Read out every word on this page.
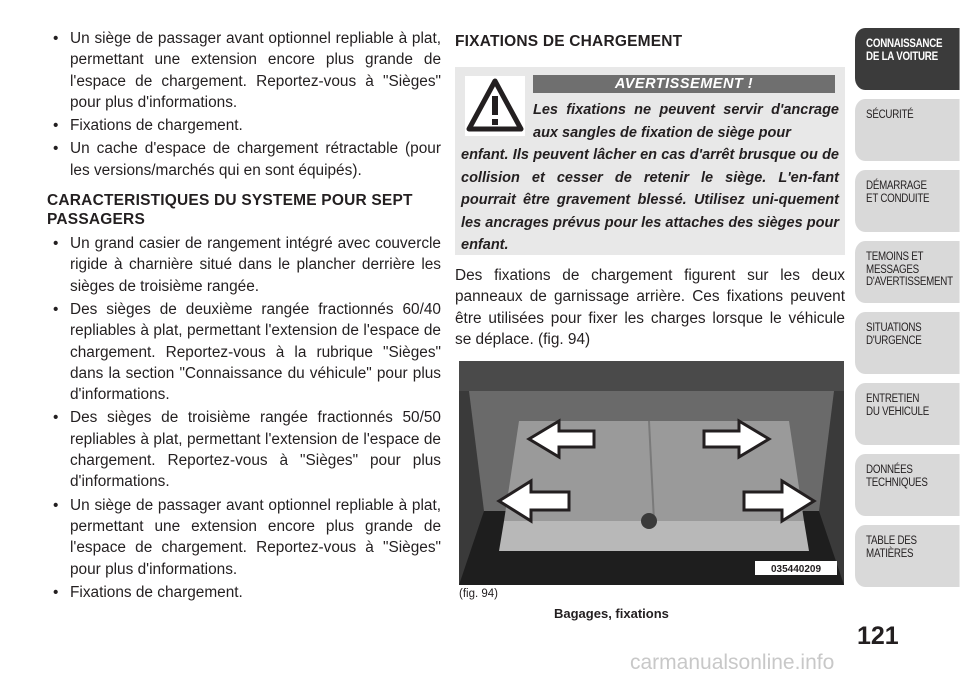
• Un siège de passager avant optionnel repliable à plat, permettant une extension encore plus grande de l'espace de chargement. Reportez-vous à "Sièges" pour plus d'informations.
• Fixations de chargement.
• Un cache d'espace de chargement rétractable (pour les versions/marchés qui en sont équipés).
CARACTERISTIQUES DU SYSTEME POUR SEPT PASSAGERS
• Un grand casier de rangement intégré avec couvercle rigide à charnière situé dans le plancher derrière les sièges de troisième rangée.
• Des sièges de deuxième rangée fractionnés 60/40 repliables à plat, permettant l'extension de l'espace de chargement. Reportez-vous à la rubrique "Sièges" dans la section "Connaissance du véhicule" pour plus d'informations.
• Des sièges de troisième rangée fractionnés 50/50 repliables à plat, permettant l'extension de l'espace de chargement. Reportez-vous à "Sièges" pour plus d'informations.
• Un siège de passager avant optionnel repliable à plat, permettant une extension encore plus grande de l'espace de chargement. Reportez-vous à "Sièges" pour plus d'informations.
• Fixations de chargement.
FIXATIONS DE CHARGEMENT
AVERTISSEMENT !
Les fixations ne peuvent servir d'ancrage aux sangles de fixation de siège pour
enfant. Ils peuvent lâcher en cas d'arrêt brusque ou de collision et cesser de retenir le siège. L'en-fant pourrait être gravement blessé. Utilisez uni-quement les ancrages prévus pour les attaches des sièges pour enfant.

Des fixations de chargement figurent sur les deux panneaux de garnissage arrière. Ces fixations peuvent être utilisées pour fixer les charges lorsque le véhicule se déplace. (fig. 94)

035440209
(fig. 94)
Bagages, fixations
CONNAISSANCE
DE LA VOITURE
SÉCURITÉ
DÉMARRAGE
ET CONDUITE
TEMOINS ET
MESSAGES
D'AVERTISSEMENT
SITUATIONS
D'URGENCE
ENTRETIEN
DU VEHICULE
DONNÉES
TECHNIQUES
TABLE DES
MATIÈRES
121
carmanualsonline.info
